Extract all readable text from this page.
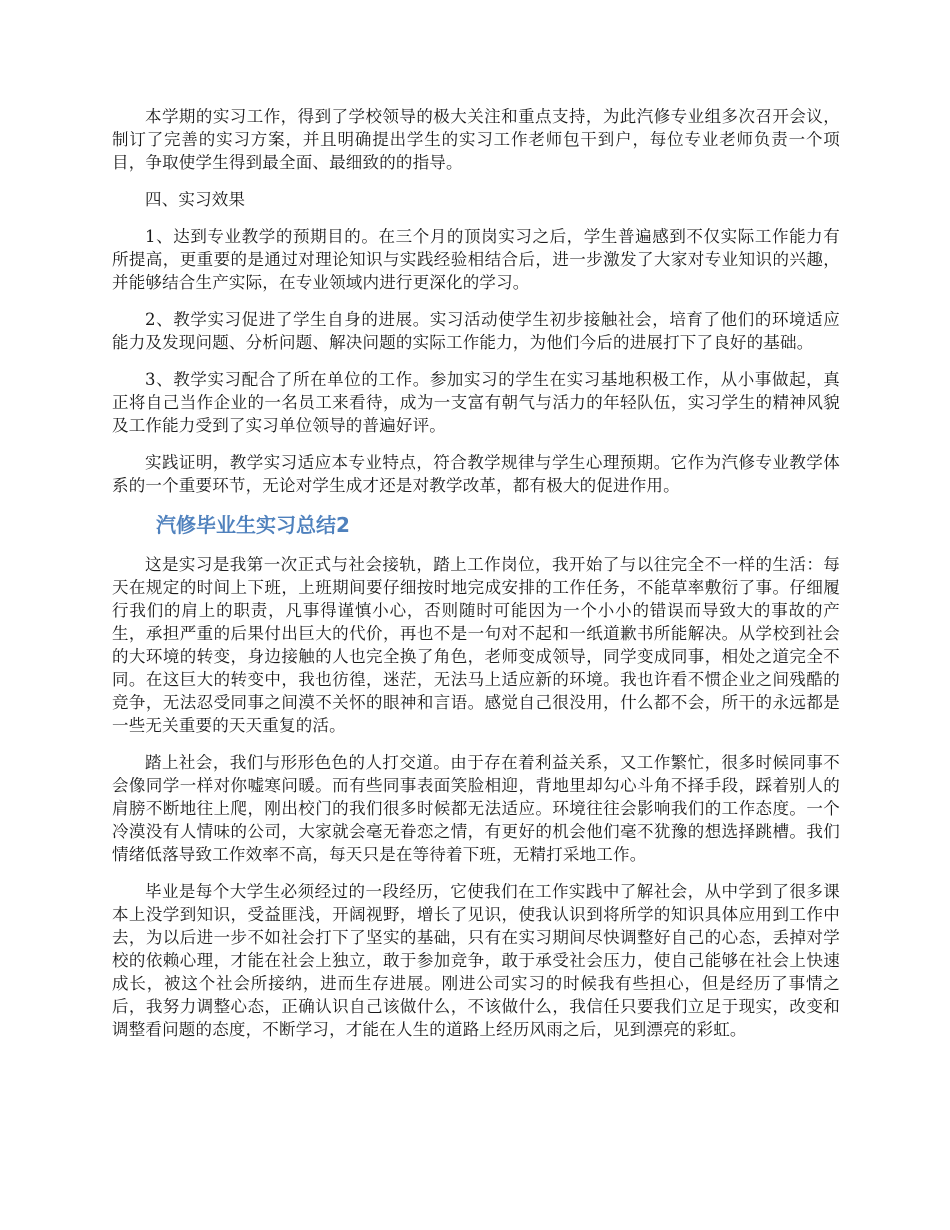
本学期的实习工作，得到了学校领导的极大关注和重点支持，为此汽修专业组多次召开会议，制订了完善的实习方案，并且明确提出学生的实习工作老师包干到户，每位专业老师负责一个项目，争取使学生得到最全面、最细致的的指导。

四、实习效果

1、达到专业教学的预期目的。在三个月的顶岗实习之后，学生普遍感到不仅实际工作能力有所提高，更重要的是通过对理论知识与实践经验相结合后，进一步激发了大家对专业知识的兴趣，并能够结合生产实际，在专业领域内进行更深化的学习。

2、教学实习促进了学生自身的进展。实习活动使学生初步接触社会，培育了他们的环境适应能力及发现问题、分析问题、解决问题的实际工作能力，为他们今后的进展打下了良好的基础。

3、教学实习配合了所在单位的工作。参加实习的学生在实习基地积极工作，从小事做起，真正将自己当作企业的一名员工来看待，成为一支富有朝气与活力的年轻队伍，实习学生的精神风貌及工作能力受到了实习单位领导的普遍好评。

实践证明，教学实习适应本专业特点，符合教学规律与学生心理预期。它作为汽修专业教学体系的一个重要环节，无论对学生成才还是对教学改革，都有极大的促进作用。

汽修毕业生实习总结2

这是实习是我第一次正式与社会接轨，踏上工作岗位，我开始了与以往完全不一样的生活：每天在规定的时间上下班，上班期间要仔细按时地完成安排的工作任务，不能草率敷衍了事。仔细履行我们的肩上的职责，凡事得谨慎小心，否则随时可能因为一个小小的错误而导致大的事故的产生，承担严重的后果付出巨大的代价，再也不是一句对不起和一纸道歉书所能解决。从学校到社会的大环境的转变，身边接触的人也完全换了角色，老师变成领导，同学变成同事，相处之道完全不同。在这巨大的转变中，我也彷徨，迷茫，无法马上适应新的环境。我也许看不惯企业之间残酷的竞争，无法忍受同事之间漠不关怀的眼神和言语。感觉自己很没用，什么都不会，所干的永远都是一些无关重要的天天重复的活。

踏上社会，我们与形形色色的人打交道。由于存在着利益关系，又工作繁忙，很多时候同事不会像同学一样对你嘘寒问暖。而有些同事表面笑脸相迎，背地里却勾心斗角不择手段，踩着别人的肩膀不断地往上爬，刚出校门的我们很多时候都无法适应。环境往往会影响我们的工作态度。一个冷漠没有人情味的公司，大家就会毫无眷恋之情，有更好的机会他们毫不犹豫的想选择跳槽。我们情绪低落导致工作效率不高，每天只是在等待着下班，无精打采地工作。

毕业是每个大学生必须经过的一段经历，它使我们在工作实践中了解社会，从中学到了很多课本上没学到知识，受益匪浅，开阔视野，增长了见识，使我认识到将所学的知识具体应用到工作中去，为以后进一步不如社会打下了坚实的基础，只有在实习期间尽快调整好自己的心态，丢掉对学校的依赖心理，才能在社会上独立，敢于参加竞争，敢于承受社会压力，使自己能够在社会上快速成长，被这个社会所接纳，进而生存进展。刚进公司实习的时候我有些担心，但是经历了事情之后，我努力调整心态，正确认识自己该做什么，不该做什么，我信任只要我们立足于现实，改变和调整看问题的态度，不断学习，才能在人生的道路上经历风雨之后，见到漂亮的彩虹。
